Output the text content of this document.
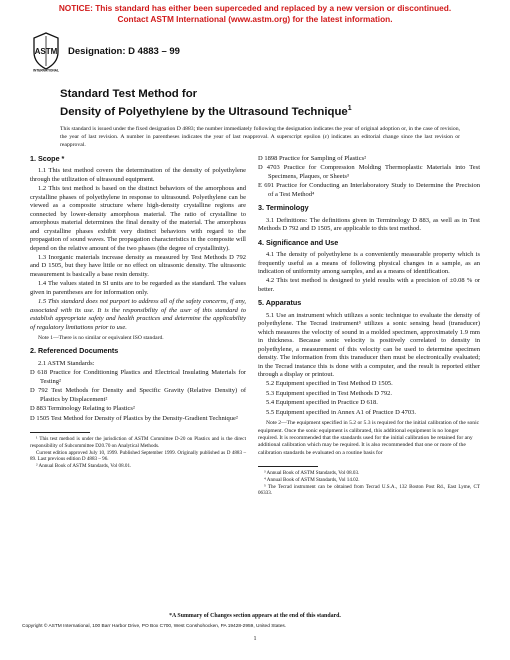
NOTICE: This standard has either been superceded and replaced by a new version or discontinued.
Contact ASTM International (www.astm.org) for the latest information.
ASTM
INTERNATIONAL
Designation: D 4883 – 99
Standard Test Method for
Density of Polyethylene by the Ultrasound Technique$^1$
This standard is issued under the fixed designation D 4883; the number immediately following the designation indicates the year of original adoption or, in the case of revision, the year of last revision. A number in parentheses indicates the year of last reapproval. A superscript epsilon (ε) indicates an editorial change since the last revision or reapproval.
1. Scope *

1.1 This test method covers the determination of the density of polyethylene through the utilization of ultrasound equipment.

1.2 This test method is based on the distinct behaviors of the amorphous and crystalline phases of polyethylene in response to ultrasound. Polyethylene can be viewed as a composite structure where high-density crystalline regions are connected by lower-density amorphous material. The ratio of crystalline to amorphous material determines the final density of the material. The amorphous and crystalline phases exhibit very distinct behaviors with regard to the propagation of sound waves. The propagation characteristics in the composite will depend on the relative amount of the two phases (the degree of crystallinity).

1.3 Inorganic materials increase density as measured by Test Methods D 792 and D 1505, but they have little or no effect on ultrasonic density. The ultrasonic measurement is basically a base resin density.

1.4 The values stated in SI units are to be regarded as the standard. The values given in parentheses are for information only.

1.5 This standard does not purport to address all of the safety concerns, if any, associated with its use. It is the responsibility of the user of this standard to establish appropriate safety and health practices and determine the applicability of regulatory limitations prior to use.

Note 1—There is no similar or equivalent ISO standard.
2. Referenced Documents

2.1 ASTM Standards:

D 618 Practice for Conditioning Plastics and Electrical Insulating Materials for Testing²

D 792 Test Methods for Density and Specific Gravity (Relative Density) of Plastics by Displacement²

D 883 Terminology Relating to Plastics²

D 1505 Test Method for Density of Plastics by the Density-Gradient Technique²

¹ This test method is under the jurisdiction of ASTM Committee D-20 on Plastics and is the direct responsibility of Subcommittee D20.70 on Analytical Methods.

Current edition approved July 10, 1999. Published September 1999. Originally published as D 4883 – 89. Last previous edition D 4883 – 96.

² Annual Book of ASTM Standards, Vol 08.01.

D 1898 Practice for Sampling of Plastics²

D 4703 Practice for Compression Molding Thermoplastic Materials into Test Specimens, Plaques, or Sheets³

E 691 Practice for Conducting an Interlaboratory Study to Determine the Precision of a Test Method⁴

3. Terminology

3.1 Definitions: The definitions given in Terminology D 883, as well as in Test Methods D 792 and D 1505, are applicable to this test method.

4. Significance and Use

4.1 The density of polyethylene is a conveniently measurable property which is frequently useful as a means of following physical changes in a sample, as an indication of uniformity among samples, and as a means of identification.

4.2 This test method is designed to yield results with a precision of ±0.08 % or better.

5. Apparatus

5.1 Use an instrument which utilizes a sonic technique to evaluate the density of polyethylene. The Tecrad instrument⁵ utilizes a sonic sensing head (transducer) which measures the velocity of sound in a molded specimen, approximately 1.9 mm in thickness. Because sonic velocity is positively correlated to density in polyethylene, a measurement of this velocity can be used to determine specimen density. The information from this transducer then must be electronically evaluated; in the Tecrad instance this is done with a computer, and the result is reported either through a display or printout.

5.2 Equipment specified in Test Method D 1505.

5.3 Equipment specified in Test Methods D 792.

5.4 Equipment specified in Practice D 618.

5.5 Equipment specified in Annex A1 of Practice D 4703.

Note 2—The equipment specified in 5.2 or 5.3 is required for the initial calibration of the sonic equipment. Once the sonic equipment is calibrated, this additional equipment is no longer required. It is recommended that the standards used for the initial calibration be retained for any additional calibration which may be required. It is also recommended that one or more of the calibration standards be evaluated on a routine basis for

³ Annual Book of ASTM Standards, Vol 08.03.

⁴ Annual Book of ASTM Standards, Vol 14.02.

⁵ The Tecrad instrument can be obtained from Tecrad U.S.A., 132 Boston Post Rd., East Lyme, CT 06333.

*A Summary of Changes section appears at the end of this standard.
Copyright © ASTM International, 100 Barr Harbor Drive, PO Box C700, West Conshohocken, PA 19428-2959, United States.
1
